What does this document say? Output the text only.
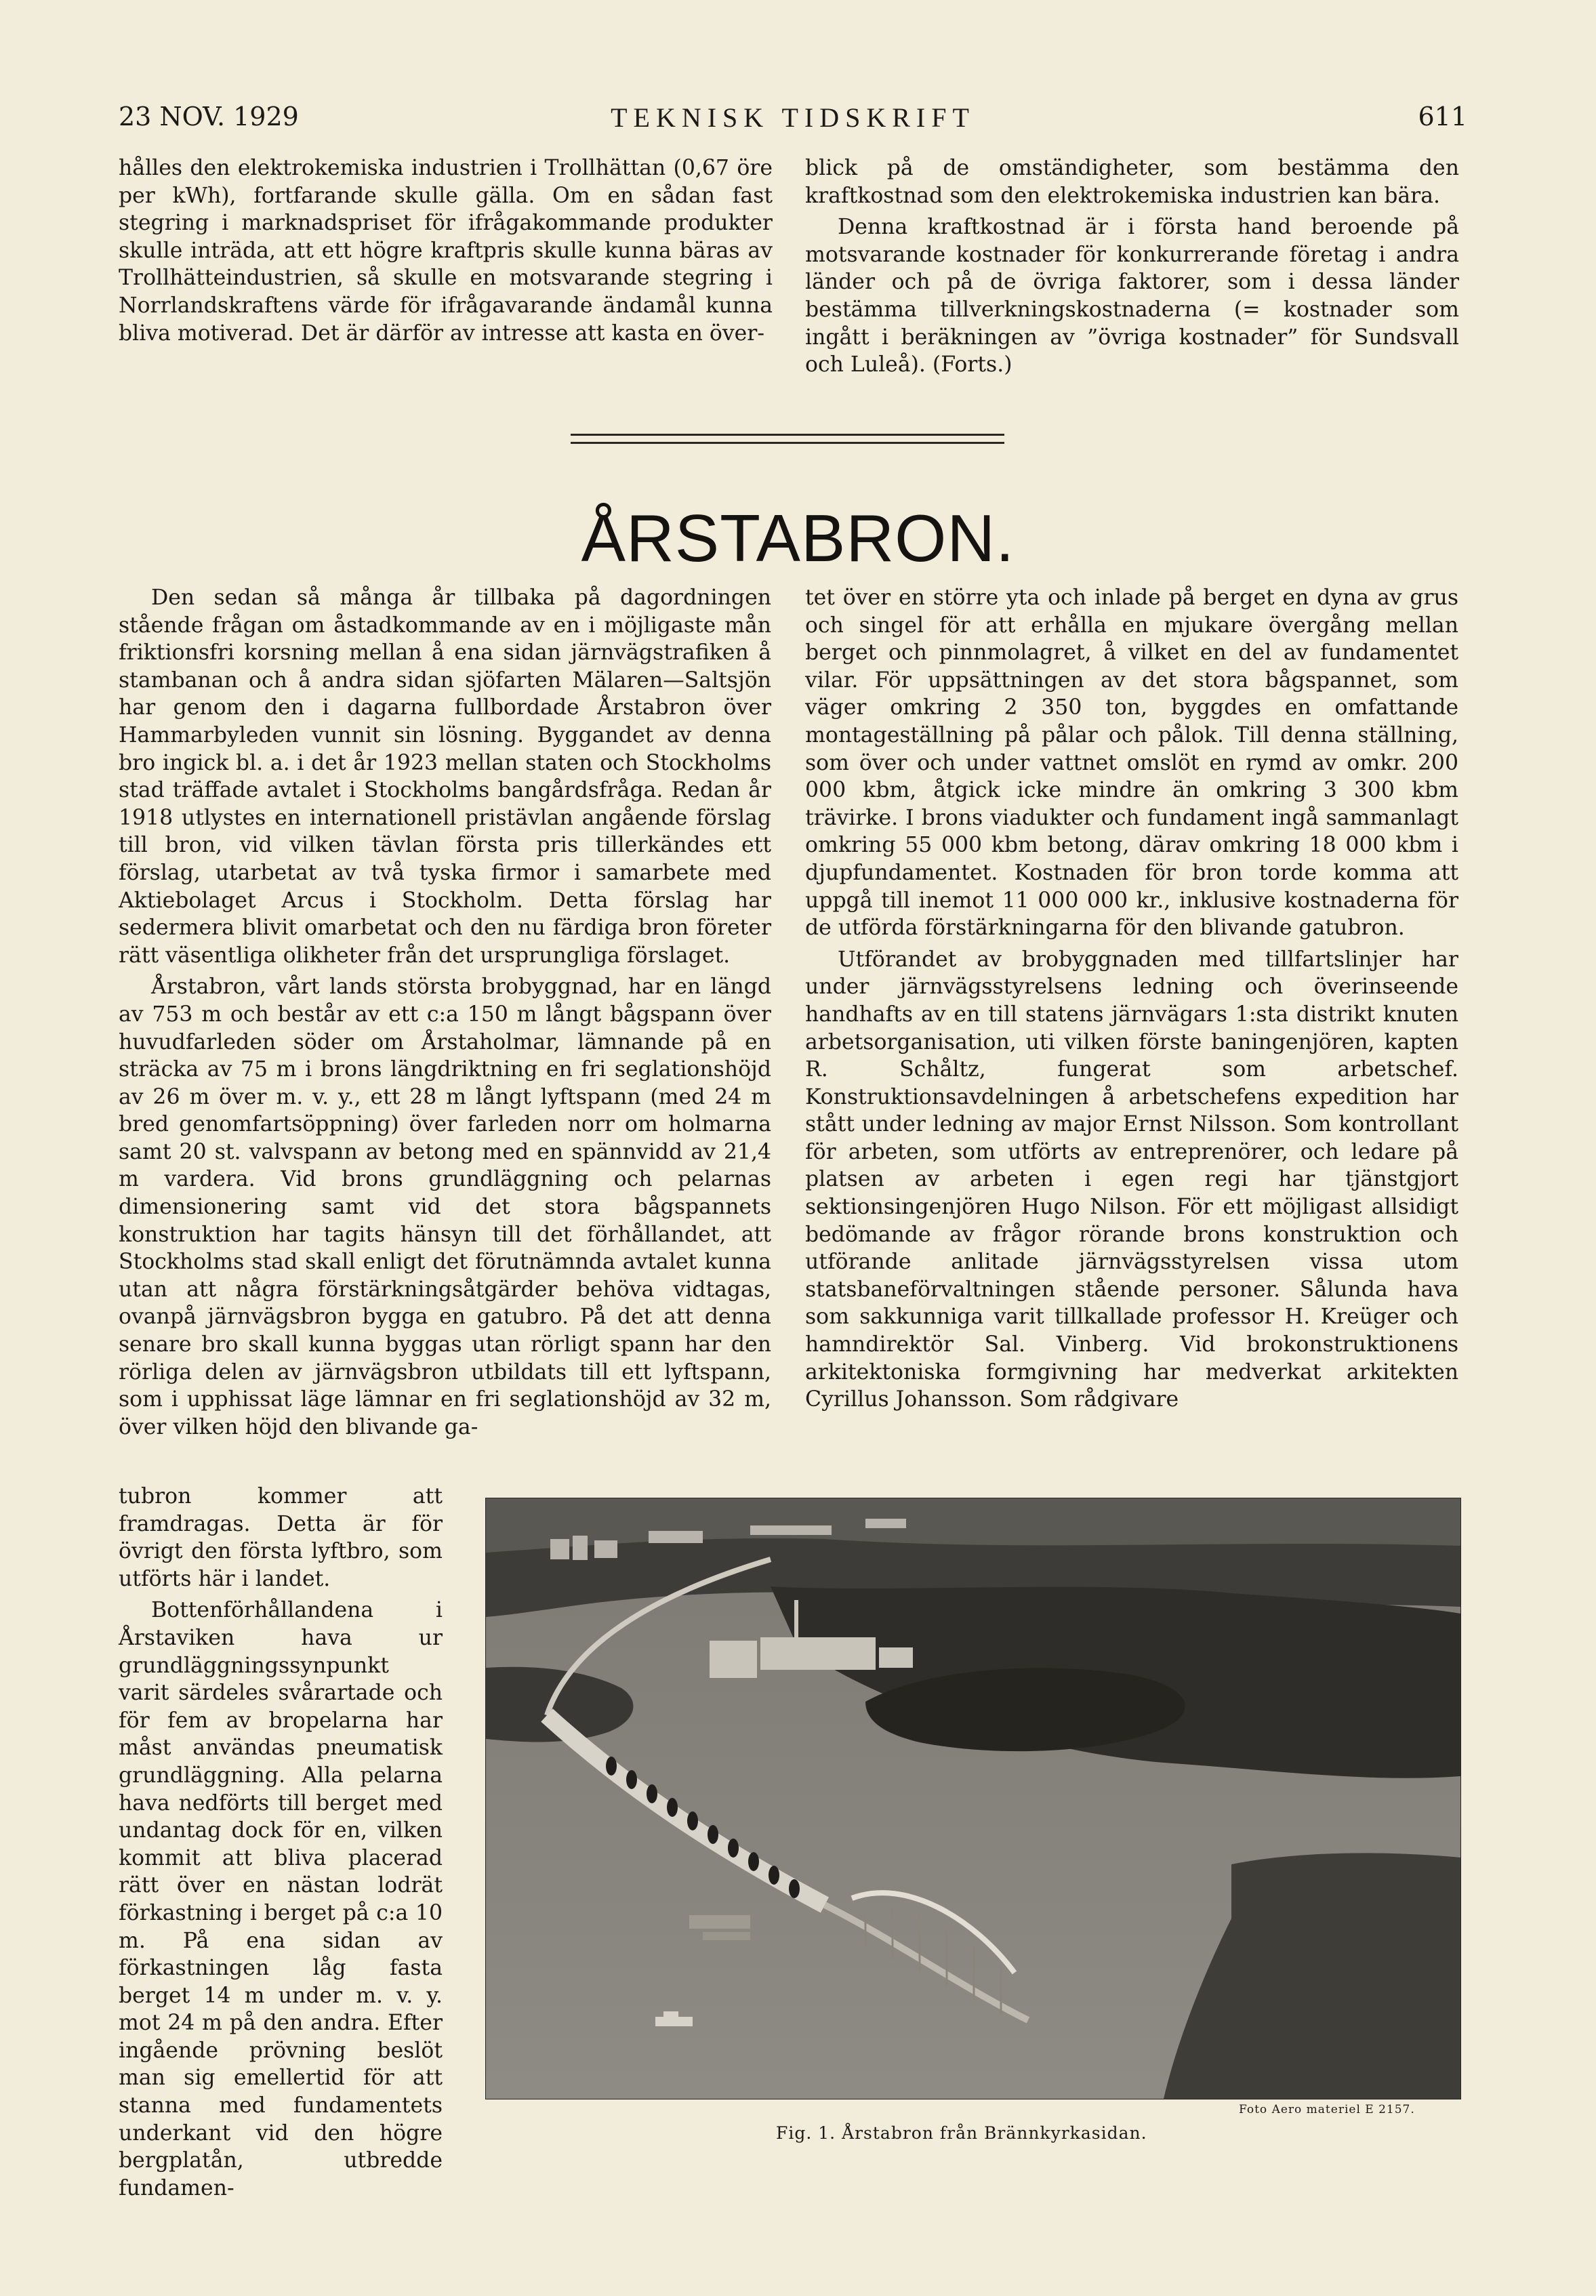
23 NOV. 1929	TEKNISK TIDSKRIFT	611

hålles den elektrokemiska industrien i Trollhättan (0,67 öre per kWh), fortfarande skulle gälla. Om en sådan fast stegring i marknadspriset för ifrågakommande produkter skulle inträda, att ett högre kraftpris skulle kunna bäras av Trollhätteindustrien, så skulle en motsvarande stegring i Norrlandskraftens värde för ifrågavarande ändamål kunna bliva motiverad. Det är därför av intresse att kasta en över-

blick på de omständigheter, som bestämma den kraftkostnad som den elektrokemiska industrien kan bära.

Denna kraftkostnad är i första hand beroende på motsvarande kostnader för konkurrerande företag i andra länder och på de övriga faktorer, som i dessa länder bestämma tillverkningskostnaderna (= kostnader som ingått i beräkningen av ”övriga kostnader” för Sundsvall och Luleå). (Forts.)

ÅRSTABRON.

Den sedan så många år tillbaka på dagordningen stående frågan om åstadkommande av en i möjligaste mån friktionsfri korsning mellan å ena sidan järnvägstrafiken å stambanan och å andra sidan sjöfarten Mälaren—Saltsjön har genom den i dagarna fullbordade Årstabron över Hammarbyleden vunnit sin lösning. Byggandet av denna bro ingick bl. a. i det år 1923 mellan staten och Stockholms stad träffade avtalet i Stockholms bangårdsfråga. Redan år 1918 utlystes en internationell pristävlan angående förslag till bron, vid vilken tävlan första pris tillerkändes ett förslag, utarbetat av två tyska firmor i samarbete med Aktiebolaget Arcus i Stockholm. Detta förslag har sedermera blivit omarbetat och den nu färdiga bron företer rätt väsentliga olikheter från det ursprungliga förslaget.

Årstabron, vårt lands största brobyggnad, har en längd av 753 m och består av ett c:a 150 m långt bågspann över huvudfarleden söder om Årstaholmar, lämnande på en sträcka av 75 m i brons längdriktning en fri seglationshöjd av 26 m över m. v. y., ett 28 m långt lyftspann (med 24 m bred genomfartsöppning) över farleden norr om holmarna samt 20 st. valvspann av betong med en spännvidd av 21,4 m vardera. Vid brons grundläggning och pelarnas dimensionering samt vid det stora bågspannets konstruktion har tagits hänsyn till det förhållandet, att Stockholms stad skall enligt det förutnämnda avtalet kunna utan att några förstärkningsåtgärder behöva vidtagas, ovanpå järnvägsbron bygga en gatubro. På det att denna senare bro skall kunna byggas utan rörligt spann har den rörliga delen av järnvägsbron utbildats till ett lyftspann, som i upphissat läge lämnar en fri seglationshöjd av 32 m, över vilken höjd den blivande ga-

tubron kommer att framdragas. Detta är för övrigt den första lyftbro, som utförts här i landet.

Bottenförhållandena i Årstaviken hava ur grundläggningssynpunkt varit särdeles svårartade och för fem av bropelarna har måst användas pneumatisk grundläggning. Alla pelarna hava nedförts till berget med undantag dock för en, vilken kommit att bliva placerad rätt över en nästan lodrät förkastning i berget på c:a 10 m. På ena sidan av förkastningen låg fasta berget 14 m under m. v. y. mot 24 m på den andra. Efter ingående prövning beslöt man sig emellertid för att stanna med fundamentets underkant vid den högre bergplatån, utbredde fundamen-

tet över en större yta och inlade på berget en dyna av grus och singel för att erhålla en mjukare övergång mellan berget och pinnmolagret, å vilket en del av fundamentet vilar. För uppsättningen av det stora bågspannet, som väger omkring 2 350 ton, byggdes en omfattande montageställning på pålar och pålok. Till denna ställning, som över och under vattnet omslöt en rymd av omkr. 200 000 kbm, åtgick icke mindre än omkring 3 300 kbm trävirke. I brons viadukter och fundament ingå sammanlagt omkring 55 000 kbm betong, därav omkring 18 000 kbm i djupfundamentet. Kostnaden för bron torde komma att uppgå till inemot 11 000 000 kr., inklusive kostnaderna för de utförda förstärkningarna för den blivande gatubron.

Utförandet av brobyggnaden med tillfartslinjer har under järnvägsstyrelsens ledning och överinseende handhafts av en till statens järnvägars 1:sta distrikt knuten arbetsorganisation, uti vilken förste baningenjören, kapten R. Schåltz, fungerat som arbetschef. Konstruktionsavdelningen å arbetschefens expedition har stått under ledning av major Ernst Nilsson. Som kontrollant för arbeten, som utförts av entreprenörer, och ledare på platsen av arbeten i egen regi har tjänstgjort sektionsingenjören Hugo Nilson. För ett möjligast allsidigt bedömande av frågor rörande brons konstruktion och utförande anlitade järnvägsstyrelsen vissa utom statsbaneförvaltningen stående personer. Sålunda hava som sakkunniga varit tillkallade professor H. Kreüger och hamndirektör Sal. Vinberg. Vid brokonstruktionens arkitektoniska formgivning har medverkat arkitekten Cyrillus Johansson. Som rådgivare

Foto Aero materiel E 2157.
Fig. 1. Årstabron från Brännkyrkasidan.
